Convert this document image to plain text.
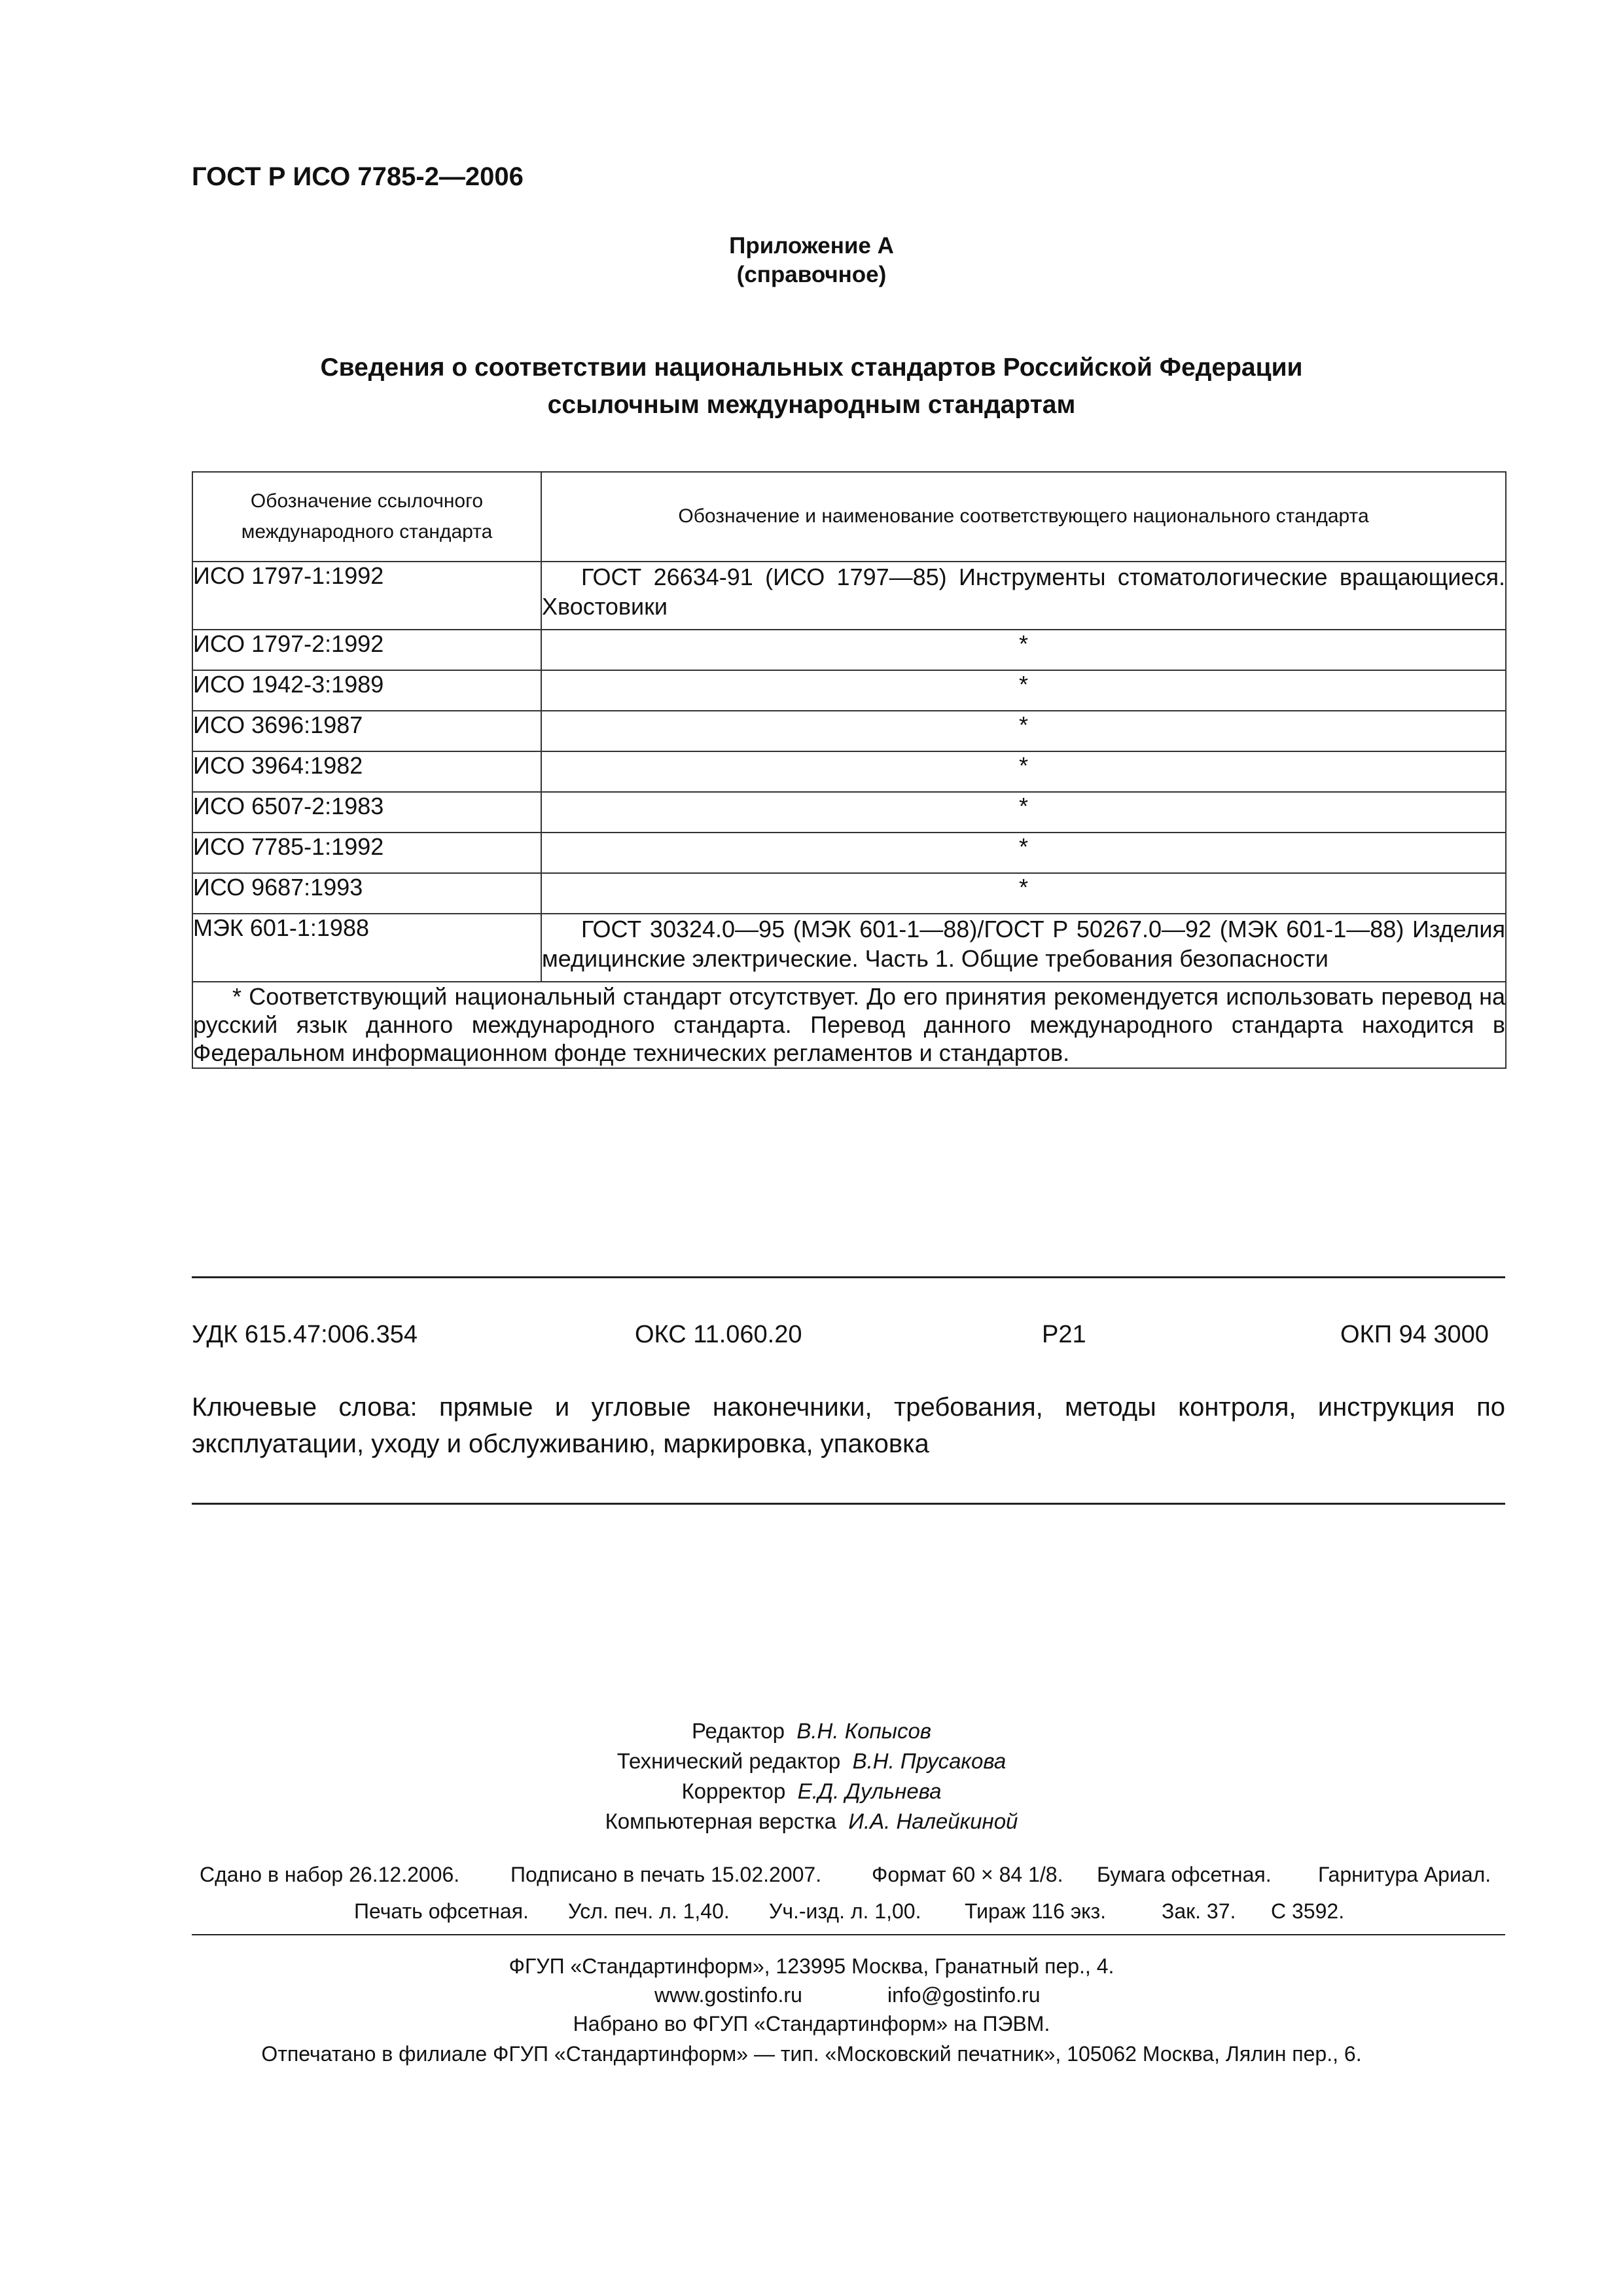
ГОСТ Р ИСО 7785-2—2006
Приложение А
(справочное)
Сведения о соответствии национальных стандартов Российской Федерации
ссылочным международным стандартам
Обозначение ссылочного
международного стандарта	Обозначение и наименование соответствующего национального стандарта
ИСО 1797-1:1992	ГОСТ 26634-91 (ИСО 1797—85) Инструменты стоматологические вращающиеся. Хвостовики
ИСО 1797-2:1992	*
ИСО 1942-3:1989	*
ИСО 3696:1987	*
ИСО 3964:1982	*
ИСО 6507-2:1983	*
ИСО 7785-1:1992	*
ИСО 9687:1993	*
МЭК 601-1:1988	ГОСТ 30324.0—95 (МЭК 601-1—88)/ГОСТ Р 50267.0—92 (МЭК 601-1—88) Изделия медицинские электрические. Часть 1. Общие требования безопасности
* Соответствующий национальный стандарт отсутствует. До его принятия рекомендуется использовать перевод на русский язык данного международного стандарта. Перевод данного международного стандарта находится в Федеральном информационном фонде технических регламентов и стандартов.	
УДК 615.47:006.354	ОКС 11.060.20	Р21	ОКП 94 3000
Ключевые слова: прямые и угловые наконечники, требования, методы контроля, инструкция по эксплуатации, уходу и обслуживанию, маркировка, упаковка
Редактор В.Н. Копысов
Технический редактор В.Н. Прусакова
Корректор Е.Д. Дульнева
Компьютерная верстка И.А. Налейкиной
Сдано в набор 26.12.2006. Подписано в печать 15.02.2007. Формат 60 × 84 1/8. Бумага офсетная. Гарнитура Ариал.
Печать офсетная. Усл. печ. л. 1,40. Уч.-изд. л. 1,00. Тираж 116 экз.	Зак. 37. С 3592.
ФГУП «Стандартинформ», 123995 Москва, Гранатный пер., 4.
www.gostinfo.ru	info@gostinfo.ru
Набрано во ФГУП «Стандартинформ» на ПЭВМ.
Отпечатано в филиале ФГУП «Стандартинформ» — тип. «Московский печатник», 105062 Москва, Лялин пер., 6.
